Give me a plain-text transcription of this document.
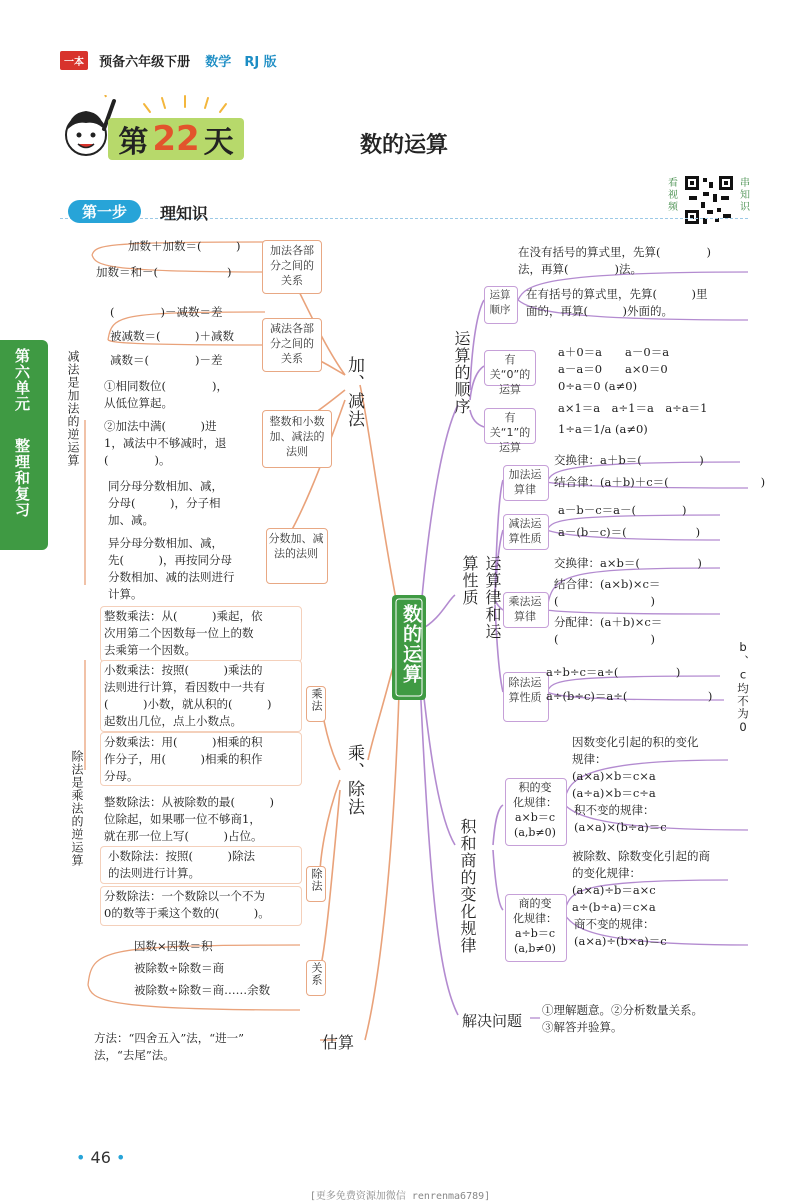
一本 预备六年级下册 数学 RJ 版
第 22 天	数的运算
看视频
串知识
第一步	理知识
第六单元
整理和复习
数的运算
加、减法
减法是加法的逆运算
加数＋加数＝(　　　)
加数＝和－(　　　　　　)
加法各部分之间的关系
(　　　　)－减数＝差
被减数＝(　　　)＋减数
减数＝(　　　　)－差
减法各部分之间的关系
①相同数位(　　　　)，
从低位算起。
②加法中满(　　　)进
1，减法中不够减时，退
(　　　　)。
整数和小数加、减法的法则
同分母分数相加、减，
分母(　　　)，分子相
加、减。
异分母分数相加、减，
先(　　　)，再按同分母
分数相加、减的法则进行
计算。
分数加、减法的法则
乘、除法
除法是乘法的逆运算
整数乘法：从(　　　)乘起，依
次用第二个因数每一位上的数
去乘第一个因数。
小数乘法：按照(　　　)乘法的
法则进行计算，看因数中一共有
(　　　)小数，就从积的(　　　)
起数出几位，点上小数点。
分数乘法：用(　　　)相乘的积
作分子，用(　　　)相乘的积作
分母。
乘法
整数除法：从被除数的最(　　　)
位除起，如果哪一位不够商1，
就在那一位上写(　　　)占位。
小数除法：按照(　　　)除法
的法则进行计算。
分数除法：一个数除以一个不为
0的数等于乘这个数的(　　　)。
除法
因数×因数＝积
被除数÷除数＝商
被除数÷除数＝商……余数
关系
估算
方法：“四舍五入”法，“进一”
法，“去尾”法。
运算的顺序
运算顺序
在没有括号的算式里，先算(　　　　)
法，再算(　　　　)法。
在有括号的算式里，先算(　　　)里
面的，再算(　　　)外面的。
有关“0”的运算
a＋0＝a　　a－0＝a
a－a＝0　　a×0＝0
0÷a＝0 (a≠0)
有关“1”的运算
a×1＝a　a÷1＝a　a÷a＝1
1÷a＝1/a (a≠0)
运算律和运算性质
加法运算律
交换律：a＋b＝(　　　　　)
结合律：(a＋b)＋c＝(　　　　　　　　)
减法运算性质
a－b－c＝a－(　　　　)
a－(b－c)＝(　　　　　　)
乘法运算律
交换律：a×b＝(　　　　　)
结合律：(a×b)×c＝
(　　　　　　　　)
分配律：(a＋b)×c＝
(　　　　　　　　)
除法运算性质
a÷b÷c＝a÷(　　　　　)
a÷(b÷c)＝a÷(　　　　　　　) b、c均不为0
积和商的变化规律
积的变
化规律：
a×b＝c
(a,b≠0)
因数变化引起的积的变化
规律：
(a×a)×b＝c×a
(a÷a)×b＝c÷a
积不变的规律：
(a×a)×(b÷a)＝c
商的变
化规律：
a÷b＝c
(a,b≠0)
被除数、除数变化引起的商
的变化规律：
(a×a)÷b＝a×c
a÷(b÷a)＝c×a
商不变的规律：
(a×a)÷(b×a)＝c
解决问题
①理解题意。②分析数量关系。
③解答并验算。
• 46 •
[更多免费资源加微信 renrenma6789]
